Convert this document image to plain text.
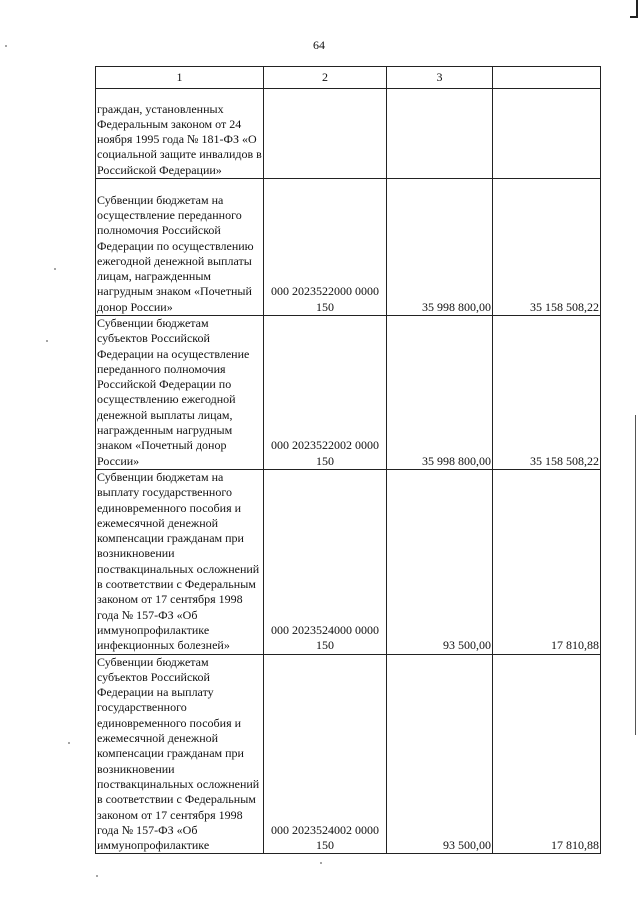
64
1	2	3	
граждан, установленных Федеральным законом от 24 ноября 1995 года № 181-ФЗ «О социальной защите инвалидов в Российской Федерации»			
Субвенции бюджетам на осуществление переданного полномочия Российской Федерации по осуществлению ежегодной денежной выплаты лицам, награжденным нагрудным знаком «Почетный донор России»	000 2023522000 0000 150	35 998 800,00	35 158 508,22
Субвенции бюджетам субъектов Российской Федерации на осуществление переданного полномочия Российской Федерации по осуществлению ежегодной денежной выплаты лицам, награжденным нагрудным знаком «Почетный донор России»	000 2023522002 0000 150	35 998 800,00	35 158 508,22
Субвенции бюджетам на выплату государственного единовременного пособия и ежемесячной денежной компенсации гражданам при возникновении поствакцинальных осложнений в соответствии с Федеральным законом от 17 сентября 1998 года № 157-ФЗ «Об иммунопрофилактике инфекционных болезней»	000 2023524000 0000 150	93 500,00	17 810,88
Субвенции бюджетам субъектов Российской Федерации на выплату государственного единовременного пособия и ежемесячной денежной компенсации гражданам при возникновении поствакцинальных осложнений в соответствии с Федеральным законом от 17 сентября 1998 года № 157-ФЗ «Об иммунопрофилактике	000 2023524002 0000 150	93 500,00	17 810,88
